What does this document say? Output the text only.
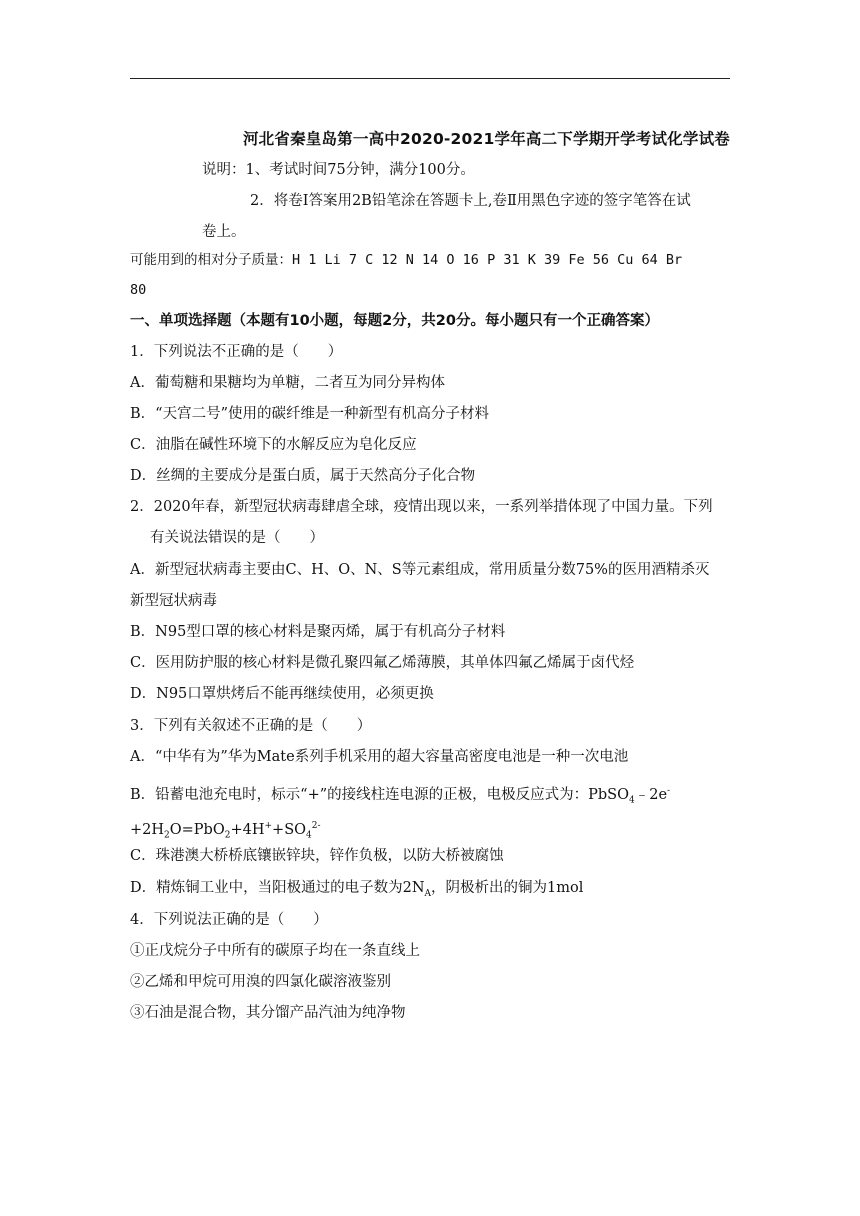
河北省秦皇岛第一高中2020-2021学年高二下学期开学考试化学试卷
说明：1、考试时间75分钟，满分100分。
2．将卷Ⅰ答案用2B铅笔涂在答题卡上,卷Ⅱ用黑色字迹的签字笔答在试
卷上。
可能用到的相对分子质量：H 1 Li 7 C 12 N 14 O 16 P 31 K 39 Fe 56 Cu 64 Br
80
一、单项选择题（本题有10小题，每题2分，共20分。每小题只有一个正确答案）
1．下列说法不正确的是（　　）
A．葡萄糖和果糖均为单糖，二者互为同分异构体
B．“天宫二号”使用的碳纤维是一种新型有机高分子材料
C．油脂在碱性环境下的水解反应为皂化反应
D．丝绸的主要成分是蛋白质，属于天然高分子化合物
2．2020年春，新型冠状病毒肆虐全球，疫情出现以来，一系列举措体现了中国力量。下列
有关说法错误的是（　　）
A．新型冠状病毒主要由C、H、O、N、S等元素组成，常用质量分数75%的医用酒精杀灭
新型冠状病毒
B．N95型口罩的核心材料是聚丙烯，属于有机高分子材料
C．医用防护服的核心材料是微孔聚四氟乙烯薄膜，其单体四氟乙烯属于卤代烃
D．N95口罩烘烤后不能再继续使用，必须更换
3．下列有关叙述不正确的是（　　）
A．“中华有为”华为Mate系列手机采用的超大容量高密度电池是一种一次电池
B．铅蓄电池充电时，标示“+”的接线柱连电源的正极，电极反应式为：PbSO$_4$﹣2e-
$+2H_2O=PbO_2+4H^++SO_4^{2-}$
C．珠港澳大桥桥底镶嵌锌块，锌作负极，以防大桥被腐蚀
D．精炼铜工业中，当阳极通过的电子数为$2N_A$，阴极析出的铜为1mol
4．下列说法正确的是（　　）
①正戊烷分子中所有的碳原子均在一条直线上
②乙烯和甲烷可用溴的四氯化碳溶液鉴别
③石油是混合物，其分馏产品汽油为纯净物
